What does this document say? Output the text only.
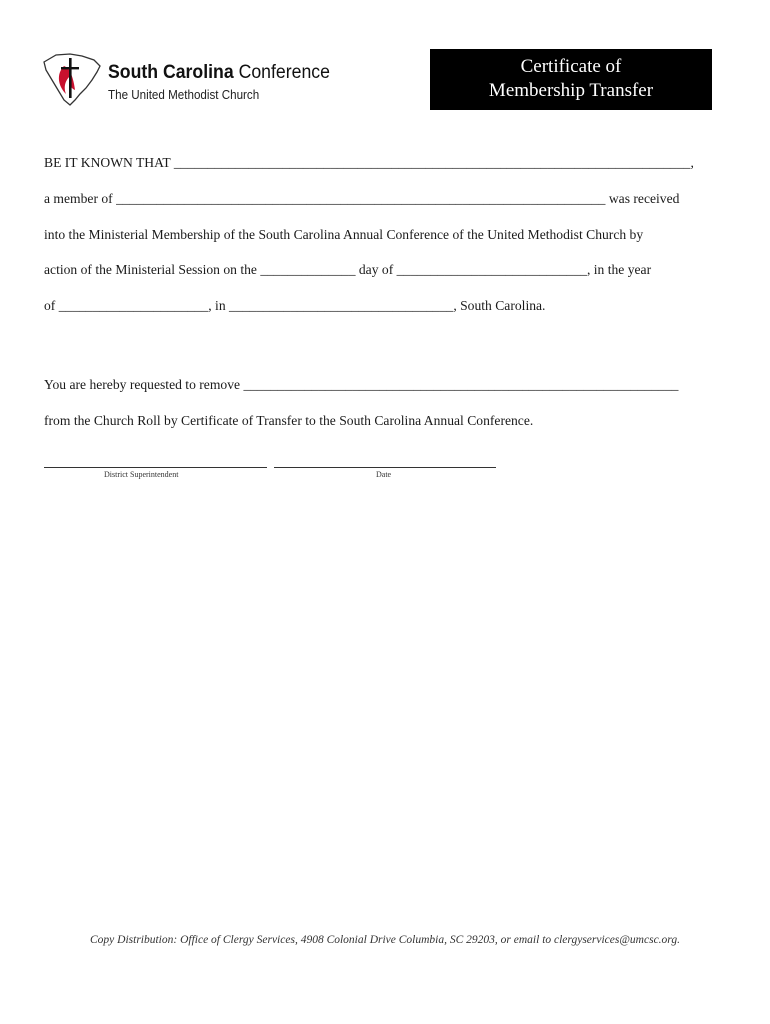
South Carolina Conference
The United Methodist Church
Certificate of
Membership Transfer
BE IT KNOWN THAT ____________________________________________________________________________,
a member of ________________________________________________________________________ was received
into the Ministerial Membership of the South Carolina Annual Conference of the United Methodist Church by
action of the Ministerial Session on the ______________ day of ____________________________, in the year
of ______________________, in _________________________________, South Carolina.
You are hereby requested to remove ________________________________________________________________
from the Church Roll by Certificate of Transfer to the South Carolina Annual Conference.
District Superintendent	Date
Copy Distribution: Office of Clergy Services, 4908 Colonial Drive Columbia, SC 29203, or email to clergyservices@umcsc.org.
